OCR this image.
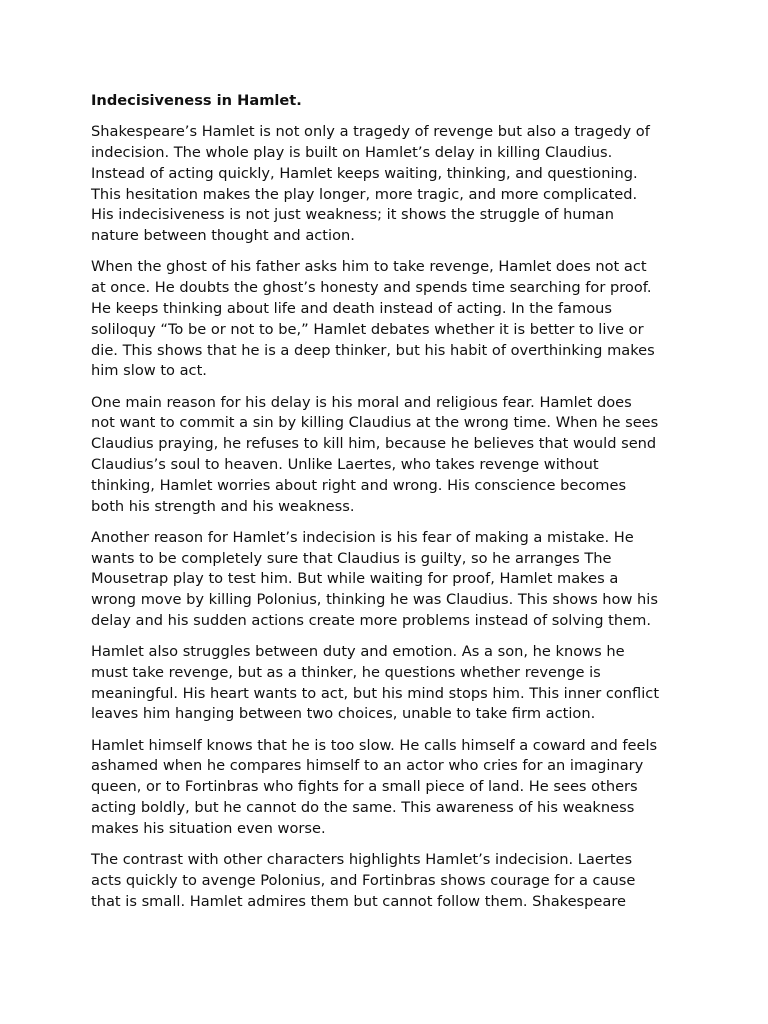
Indecisiveness in Hamlet.
Shakespeare’s Hamlet is not only a tragedy of revenge but also a tragedy of
indecision. The whole play is built on Hamlet’s delay in killing Claudius.
Instead of acting quickly, Hamlet keeps waiting, thinking, and questioning.
This hesitation makes the play longer, more tragic, and more complicated.
His indecisiveness is not just weakness; it shows the struggle of human
nature between thought and action.
When the ghost of his father asks him to take revenge, Hamlet does not act
at once. He doubts the ghost’s honesty and spends time searching for proof.
He keeps thinking about life and death instead of acting. In the famous
soliloquy “To be or not to be,” Hamlet debates whether it is better to live or
die. This shows that he is a deep thinker, but his habit of overthinking makes
him slow to act.
One main reason for his delay is his moral and religious fear. Hamlet does
not want to commit a sin by killing Claudius at the wrong time. When he sees
Claudius praying, he refuses to kill him, because he believes that would send
Claudius’s soul to heaven. Unlike Laertes, who takes revenge without
thinking, Hamlet worries about right and wrong. His conscience becomes
both his strength and his weakness.
Another reason for Hamlet’s indecision is his fear of making a mistake. He
wants to be completely sure that Claudius is guilty, so he arranges The
Mousetrap play to test him. But while waiting for proof, Hamlet makes a
wrong move by killing Polonius, thinking he was Claudius. This shows how his
delay and his sudden actions create more problems instead of solving them.
Hamlet also struggles between duty and emotion. As a son, he knows he
must take revenge, but as a thinker, he questions whether revenge is
meaningful. His heart wants to act, but his mind stops him. This inner conflict
leaves him hanging between two choices, unable to take firm action.
Hamlet himself knows that he is too slow. He calls himself a coward and feels
ashamed when he compares himself to an actor who cries for an imaginary
queen, or to Fortinbras who fights for a small piece of land. He sees others
acting boldly, but he cannot do the same. This awareness of his weakness
makes his situation even worse.
The contrast with other characters highlights Hamlet’s indecision. Laertes
acts quickly to avenge Polonius, and Fortinbras shows courage for a cause
that is small. Hamlet admires them but cannot follow them. Shakespeare
